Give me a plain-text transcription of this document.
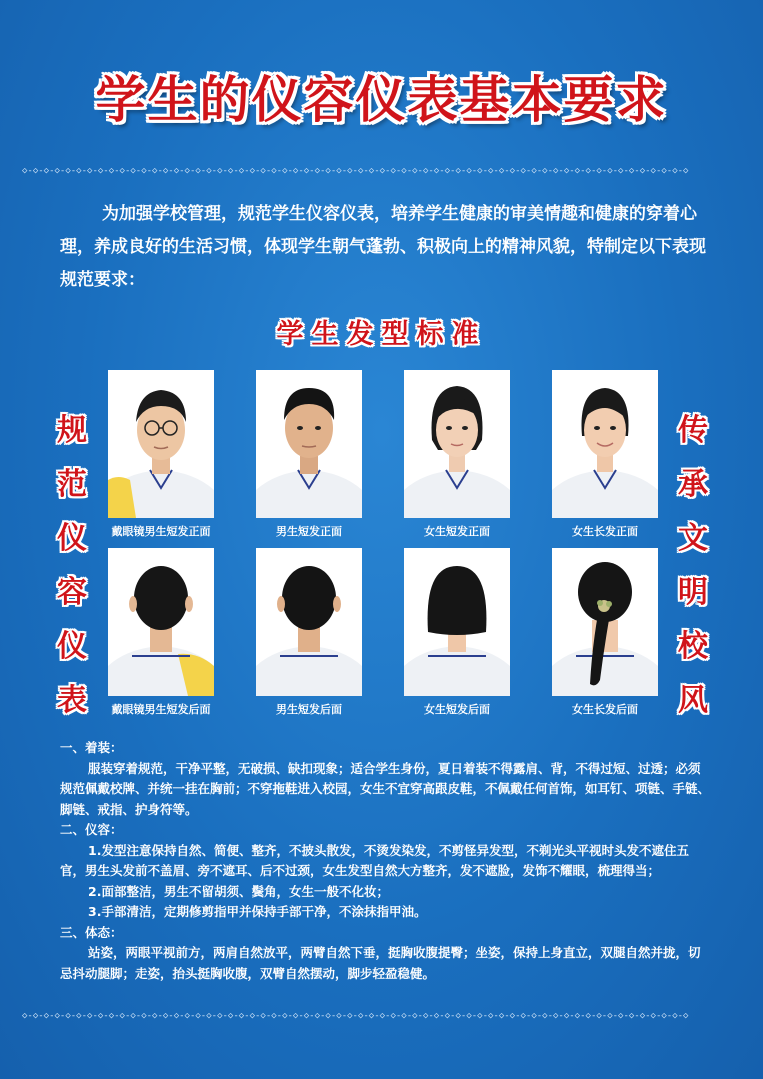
学生的仪容仪表基本要求
◇-◇-◇-◇-◇-◇-◇-◇-◇-◇-◇-◇-◇-◇-◇-◇-◇-◇-◇-◇-◇-◇-◇-◇-◇-◇-◇-◇-◇-◇-◇-◇-◇-◇-◇-◇-◇-◇-◇-◇-◇-◇-◇-◇-◇-◇-◇-◇-◇-◇-◇-◇-◇-◇-◇-◇-◇-◇-◇-◇-◇-◇
为加强学校管理，规范学生仪容仪表，培养学生健康的审美情趣和健康的穿着心理，养成良好的生活习惯，体现学生朝气蓬勃、积极向上的精神风貌，特制定以下表现规范要求：
学生发型标准
规
范
仪
容
仪
表
传
承
文
明
校
风
戴眼镜男生短发正面	男生短发正面	女生短发正面	女生长发正面
戴眼镜男生短发后面	男生短发后面	女生短发后面	女生长发后面
一、着装：
服装穿着规范，干净平整，无破损、缺扣现象；适合学生身份，夏日着装不得露肩、背，不得过短、过透；必须规范佩戴校牌、并统一挂在胸前；不穿拖鞋进入校园，女生不宜穿高跟皮鞋，不佩戴任何首饰，如耳钉、项链、手链、脚链、戒指、护身符等。
二、仪容：
1.发型注意保持自然、简便、整齐，不披头散发，不烫发染发，不剪怪异发型，不剃光头平视时头发不遮住五官，男生头发前不盖眉、旁不遮耳、后不过颈，女生发型自然大方整齐，发不遮脸，发饰不耀眼，梳理得当；
2.面部整洁，男生不留胡须、鬓角，女生一般不化妆；
3.手部清洁，定期修剪指甲并保持手部干净，不涂抹指甲油。
三、体态：
站姿，两眼平视前方，两肩自然放平，两臂自然下垂，挺胸收腹提臀；坐姿，保持上身直立，双腿自然并拢，切忌抖动腿脚；走姿，抬头挺胸收腹，双臂自然摆动，脚步轻盈稳健。
◇-◇-◇-◇-◇-◇-◇-◇-◇-◇-◇-◇-◇-◇-◇-◇-◇-◇-◇-◇-◇-◇-◇-◇-◇-◇-◇-◇-◇-◇-◇-◇-◇-◇-◇-◇-◇-◇-◇-◇-◇-◇-◇-◇-◇-◇-◇-◇-◇-◇-◇-◇-◇-◇-◇-◇-◇-◇-◇-◇-◇-◇
